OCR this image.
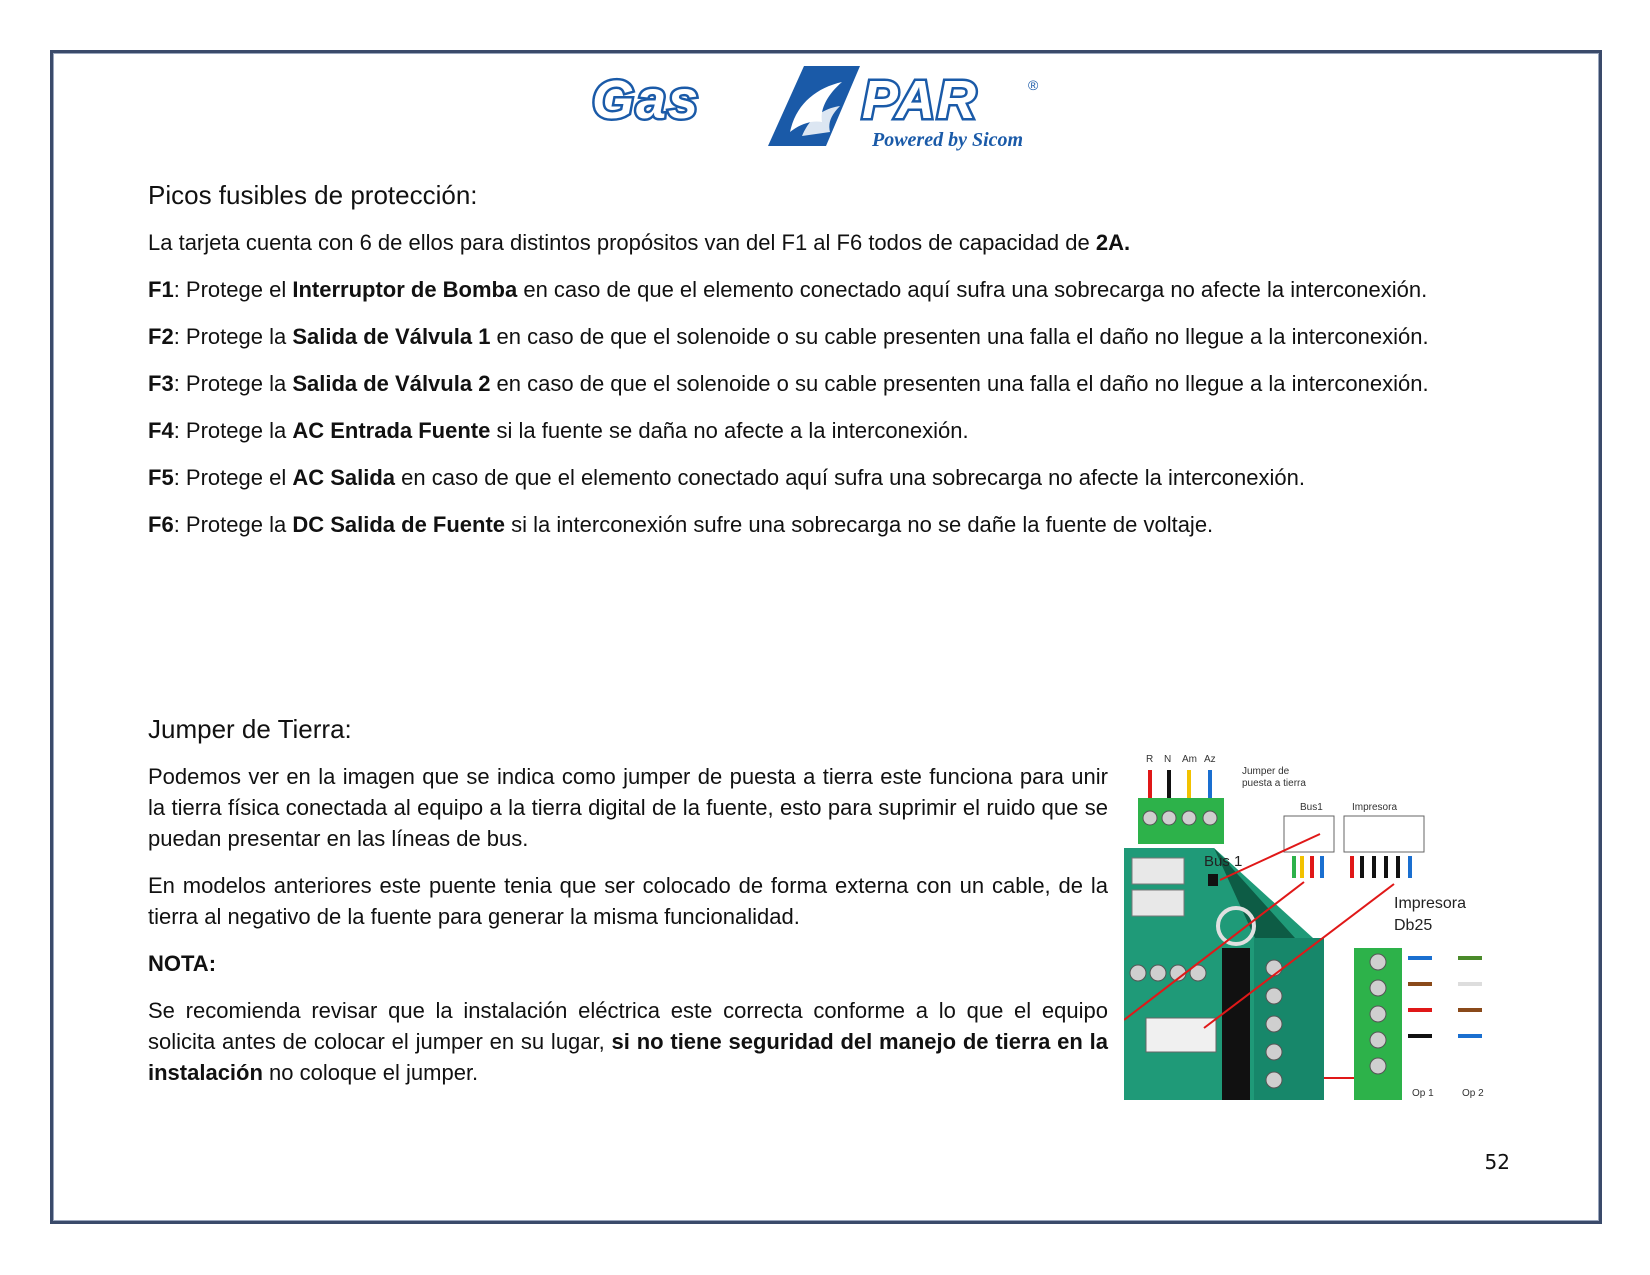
Gas	PAR	®
Powered by Sicom
Picos fusibles de protección:

La tarjeta cuenta con 6 de ellos para distintos propósitos van del F1 al F6 todos de capacidad de 2A.

F1: Protege el Interruptor de Bomba en caso de que el elemento conectado aquí sufra una sobrecarga no afecte la interconexión.

F2: Protege la Salida de Válvula 1 en caso de que el solenoide o su cable presenten una falla el daño no llegue a la interconexión.

F3: Protege la Salida de Válvula 2 en caso de que el solenoide o su cable presenten una falla el daño no llegue a la interconexión.

F4: Protege la AC Entrada Fuente si la fuente se daña no afecte a la interconexión.

F5: Protege el AC Salida en caso de que el elemento conectado aquí sufra una sobrecarga no afecte la interconexión.

F6: Protege la DC Salida de Fuente si la interconexión sufre una sobrecarga no se dañe la fuente de voltaje.

Jumper de Tierra:

Podemos ver en la imagen que se indica como jumper de puesta a tierra este funciona para unir la tierra física conectada al equipo a la tierra digital de la fuente, esto para suprimir el ruido que se puedan presentar en las líneas de bus.

En modelos anteriores este puente tenia que ser colocado de forma externa con un cable, de la tierra al negativo de la fuente para generar la misma funcionalidad.

NOTA:

Se recomienda revisar que la instalación eléctrica este correcta conforme a lo que el equipo solicita antes de colocar el jumper en su lugar, si no tiene seguridad del manejo de tierra en la instalación no coloque el jumper.

R N Am Az
Jumper de
puesta a tierra
Bus1	Impresora
Bus 1
Impresora
Db25
Op 1	Op 2
52
